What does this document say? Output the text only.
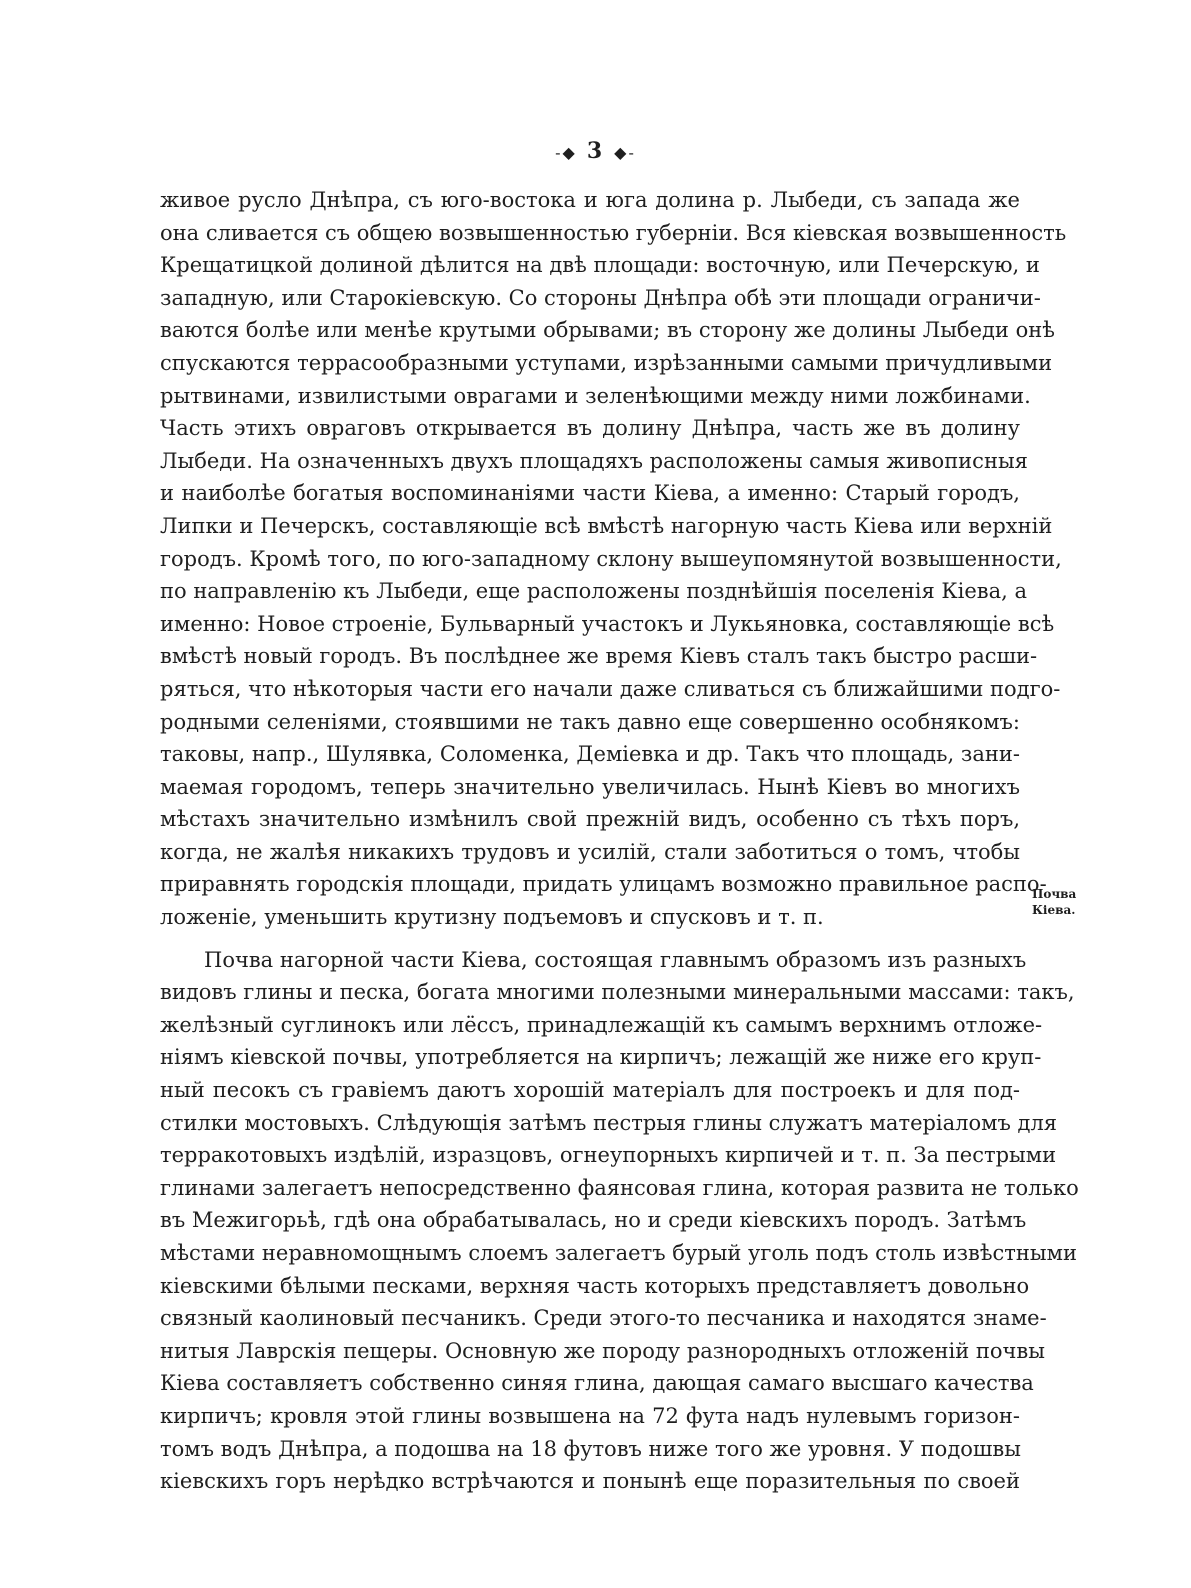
-◆ 3 ◆-
живое русло Днѣпра, съ юго-востока и юга долина р. Лыбеди, съ запада же
она сливается съ общею возвышенностью губерніи. Вся кіевская возвышенность
Крещатицкой долиной дѣлится на двѣ площади: восточную, или Печерскую, и
западную, или Старокіевскую. Со стороны Днѣпра обѣ эти площади ограничи-
ваются болѣе или менѣе крутыми обрывами; въ сторону же долины Лыбеди онѣ
спускаются террасообразными уступами, изрѣзанными самыми причудливыми
рытвинами, извилистыми оврагами и зеленѣющими между ними ложбинами.
Часть этихъ овраговъ открывается въ долину Днѣпра, часть же въ долину
Лыбеди. На означенныхъ двухъ площадяхъ расположены самыя живописныя
и наиболѣе богатыя воспоминаніями части Кіева, а именно: Старый городъ,
Липки и Печерскъ, составляющіе всѣ вмѣстѣ нагорную часть Кіева или верхній
городъ. Кромѣ того, по юго-западному склону вышеупомянутой возвышенности,
по направленію къ Лыбеди, еще расположены позднѣйшія поселенія Кіева, а
именно: Новое строеніе, Бульварный участокъ и Лукьяновка, составляющіе всѣ
вмѣстѣ новый городъ. Въ послѣднее же время Кіевъ сталъ такъ быстро расши-
ряться, что нѣкоторыя части его начали даже сливаться съ ближайшими подго-
родными селеніями, стоявшими не такъ давно еще совершенно особнякомъ:
таковы, напр., Шулявка, Соломенка, Деміевка и др. Такъ что площадь, зани-
маемая городомъ, теперь значительно увеличилась. Нынѣ Кіевъ во многихъ
мѣстахъ значительно измѣнилъ свой прежній видъ, особенно съ тѣхъ поръ,
когда, не жалѣя никакихъ трудовъ и усилій, стали заботиться о томъ, чтобы
приравнять городскія площади, придать улицамъ возможно правильное распо-
ложеніе, уменьшить крутизну подъемовъ и спусковъ и т. п.
Почва нагорной части Кіева, состоящая главнымъ образомъ изъ разныхъ
видовъ глины и песка, богата многими полезными минеральными массами: такъ,
желѣзный суглинокъ или лёссъ, принадлежащій къ самымъ верхнимъ отложе-
ніямъ кіевской почвы, употребляется на кирпичъ; лежащій же ниже его круп-
ный песокъ съ гравіемъ даютъ хорошій матеріалъ для построекъ и для под-
стилки мостовыхъ. Слѣдующія затѣмъ пестрыя глины служатъ матеріаломъ для
терракотовыхъ издѣлій, изразцовъ, огнеупорныхъ кирпичей и т. п. За пестрыми
глинами залегаетъ непосредственно фаянсовая глина, которая развита не только
въ Межигорьѣ, гдѣ она обрабатывалась, но и среди кіевскихъ породъ. Затѣмъ
мѣстами неравномощнымъ слоемъ залегаетъ бурый уголь подъ столь извѣстными
кіевскими бѣлыми песками, верхняя часть которыхъ представляетъ довольно
связный каолиновый песчаникъ. Среди этого-то песчаника и находятся знаме-
нитыя Лаврскія пещеры. Основную же породу разнородныхъ отложеній почвы
Кіева составляетъ собственно синяя глина, дающая самаго высшаго качества
кирпичъ; кровля этой глины возвышена на 72 фута надъ нулевымъ горизон-
томъ водъ Днѣпра, а подошва на 18 футовъ ниже того же уровня. У подошвы
кіевскихъ горъ нерѣдко встрѣчаются и понынѣ еще поразительныя по своей
Почва
Кіева.
